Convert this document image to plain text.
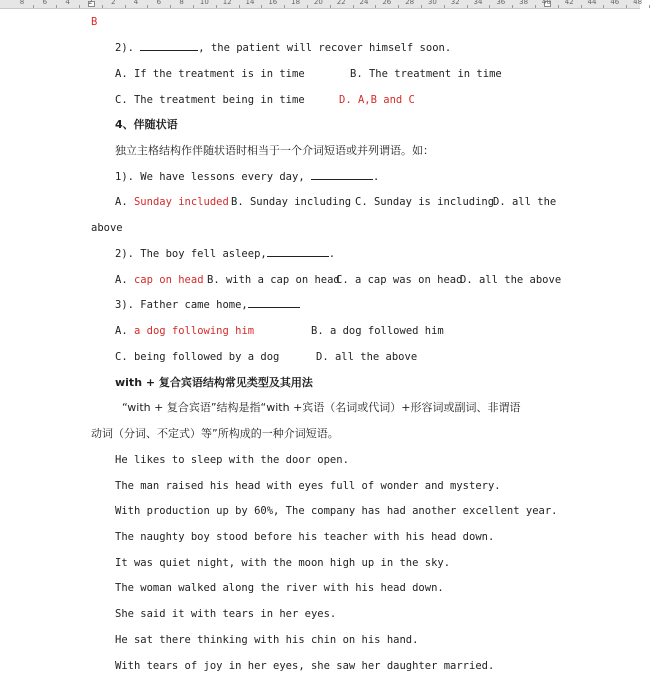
8	6	4	2	2	4	6	8 10 12 14 16 18 20 22 24 26 28 30 32 34 36 38 40 42 44 46 48
B
2).	, the patient will recover himself soon.
A. If the treatment is in time	B. The treatment in time
C. The treatment being in time	D. A,B and C
4、伴随状语
独立主格结构作伴随状语时相当于一个介词短语或并列谓语。如：
1). We have lessons every day,	.
A. Sunday included B. Sunday including C. Sunday is including
D. all the
above
2). The boy fell asleep,	.
A. cap on head B. with a cap on head
C. a cap was on head
D. all the above
3). Father came home,
A. a dog following him	B. a dog followed him
C. being followed by a dog	D. all the above
with + 复合宾语结构常见类型及其用法
“with + 复合宾语”结构是指“with +宾语（名词或代词）+形容词或副词、非谓语
动词（分词、不定式）等”所构成的一种介词短语。
He likes to sleep with the door open.
The man raised his head with eyes full of wonder and mystery.
With production up by 60%, The company has had another excellent year.
The naughty boy stood before his teacher with his head down.
It was quiet night, with the moon high up in the sky.
The woman walked along the river with his head down.
She said it with tears in her eyes.
He sat there thinking with his chin on his hand.
With tears of joy in her eyes, she saw her daughter married.
